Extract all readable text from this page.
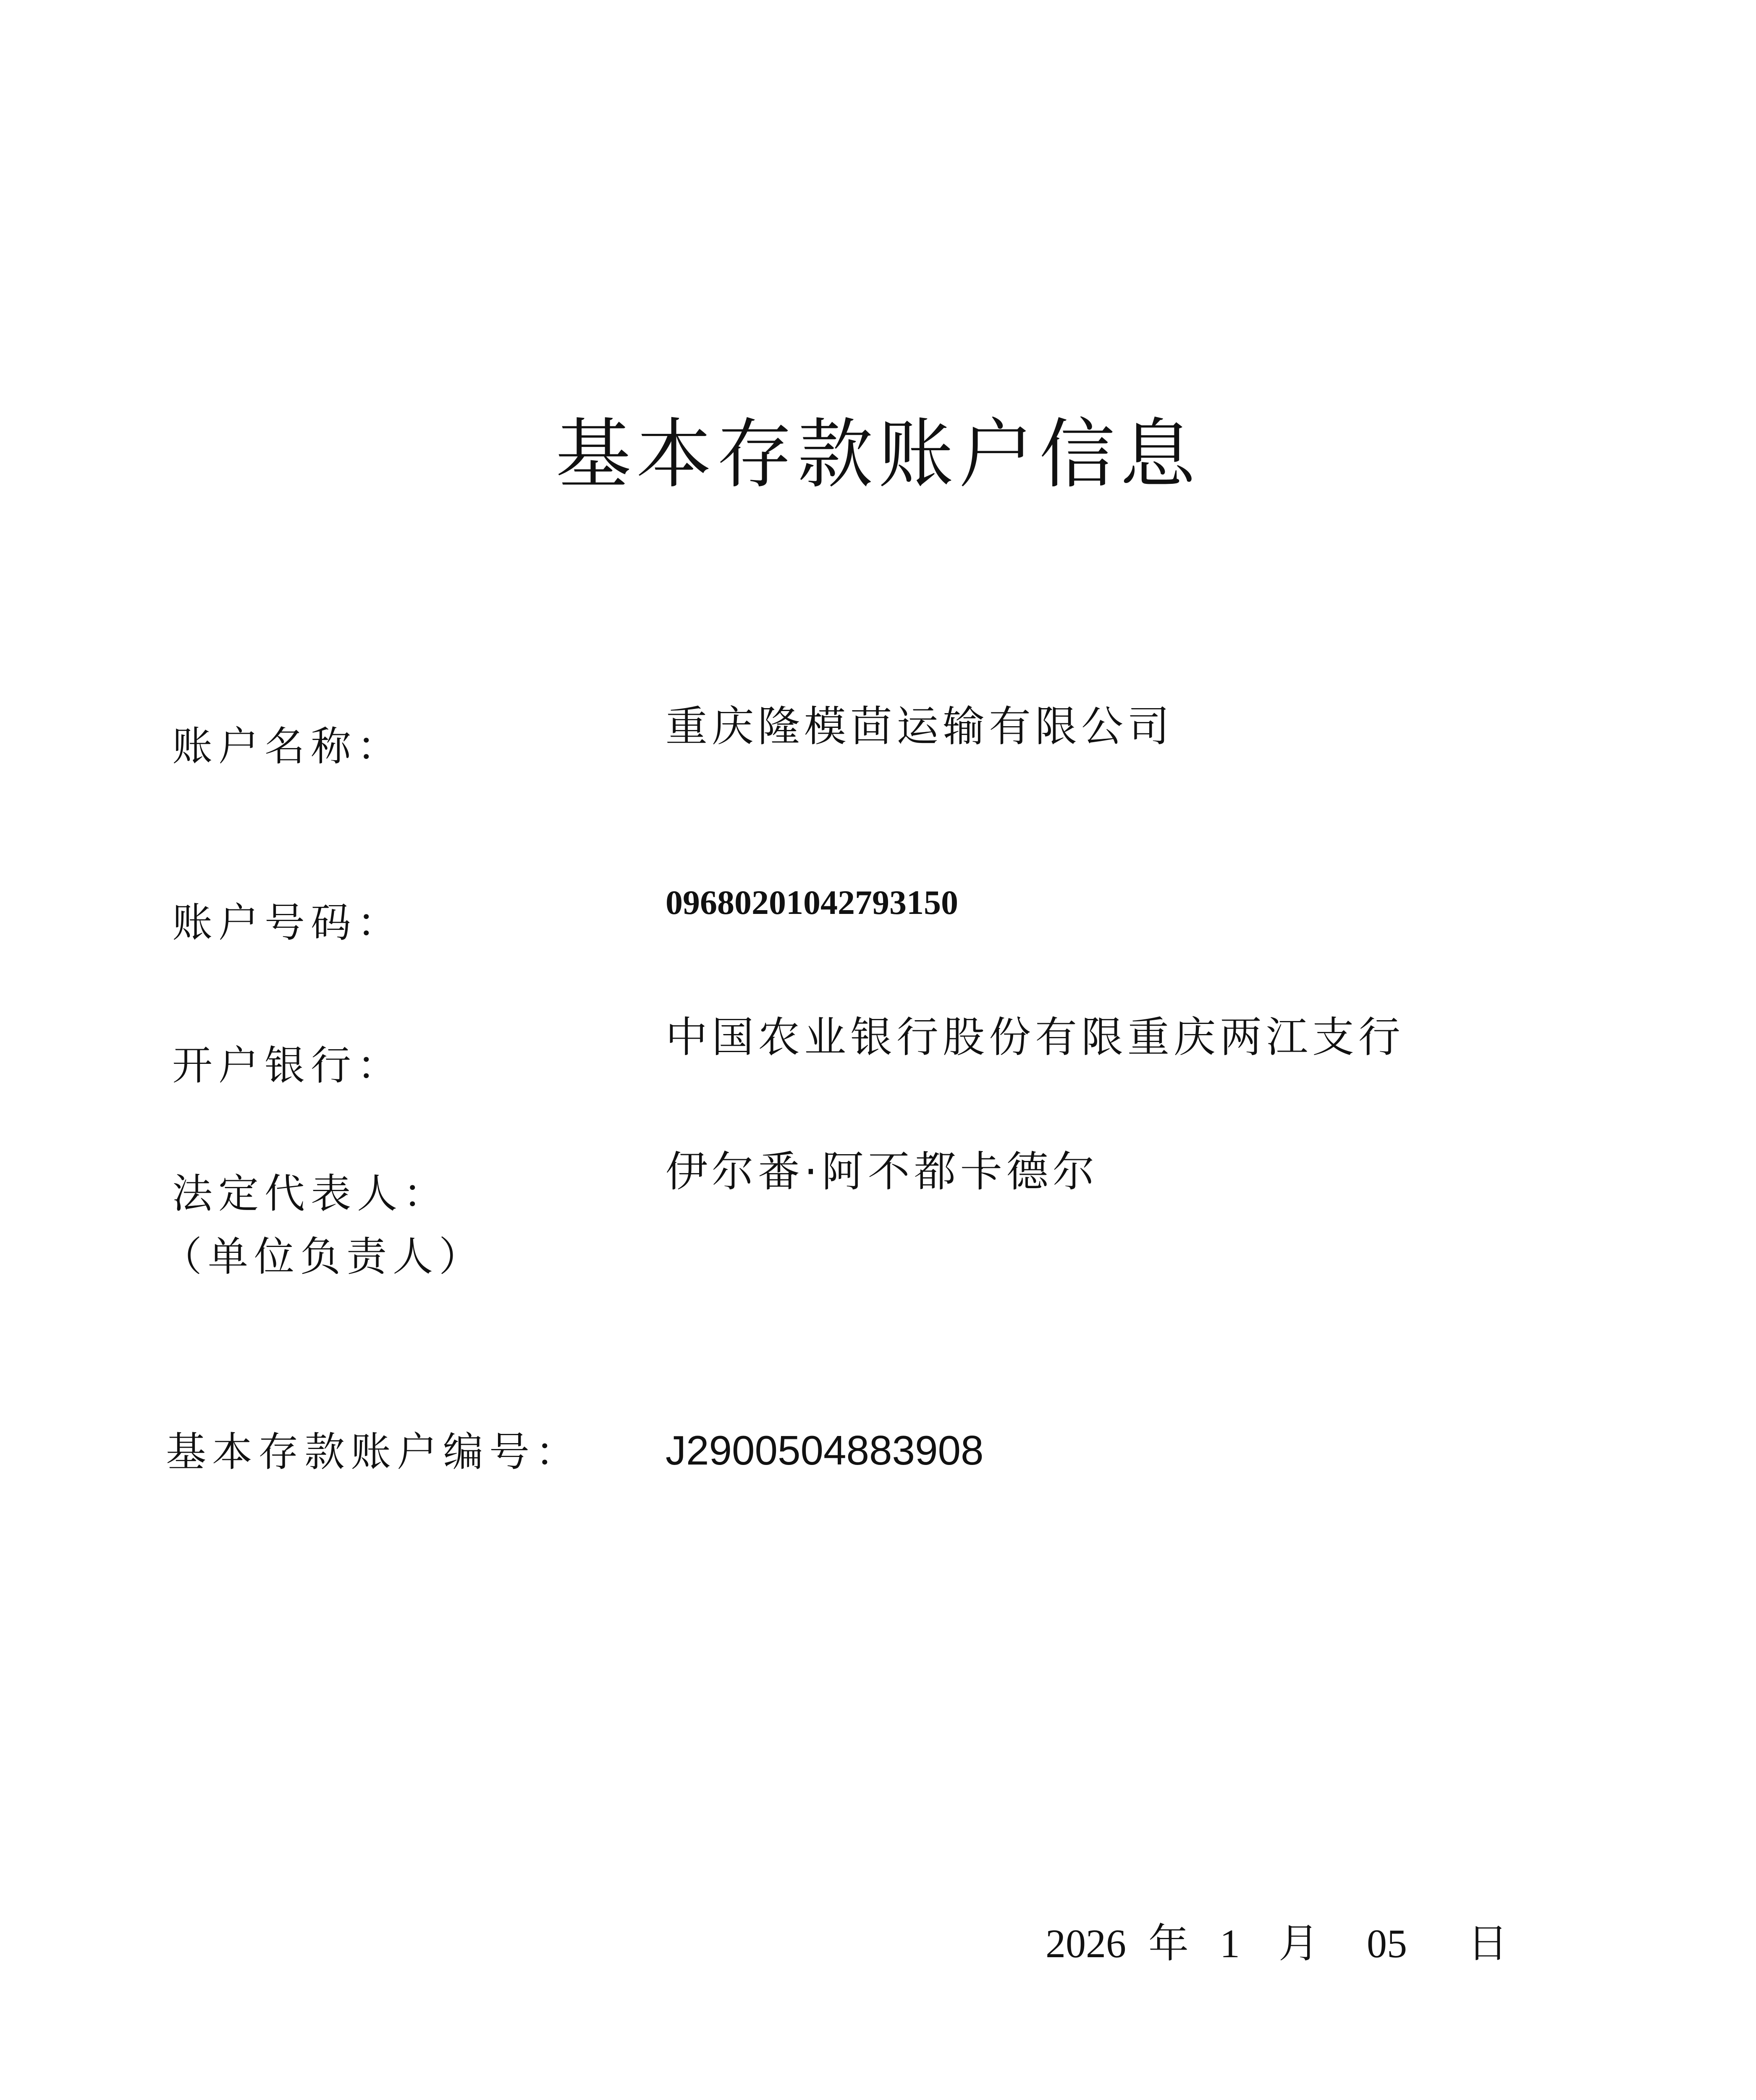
基本存款账户信息
账户名称：	重庆隆模茴运输有限公司
账户号码：	09680201042793150
开户银行：
中国农业银行股份有限重庆两江支行
法定代表人：
（单位负责人）
伊尔番·阿不都卡德尔
基本存款账户编号： J2900504883908
2026 年 1 月 05 日
